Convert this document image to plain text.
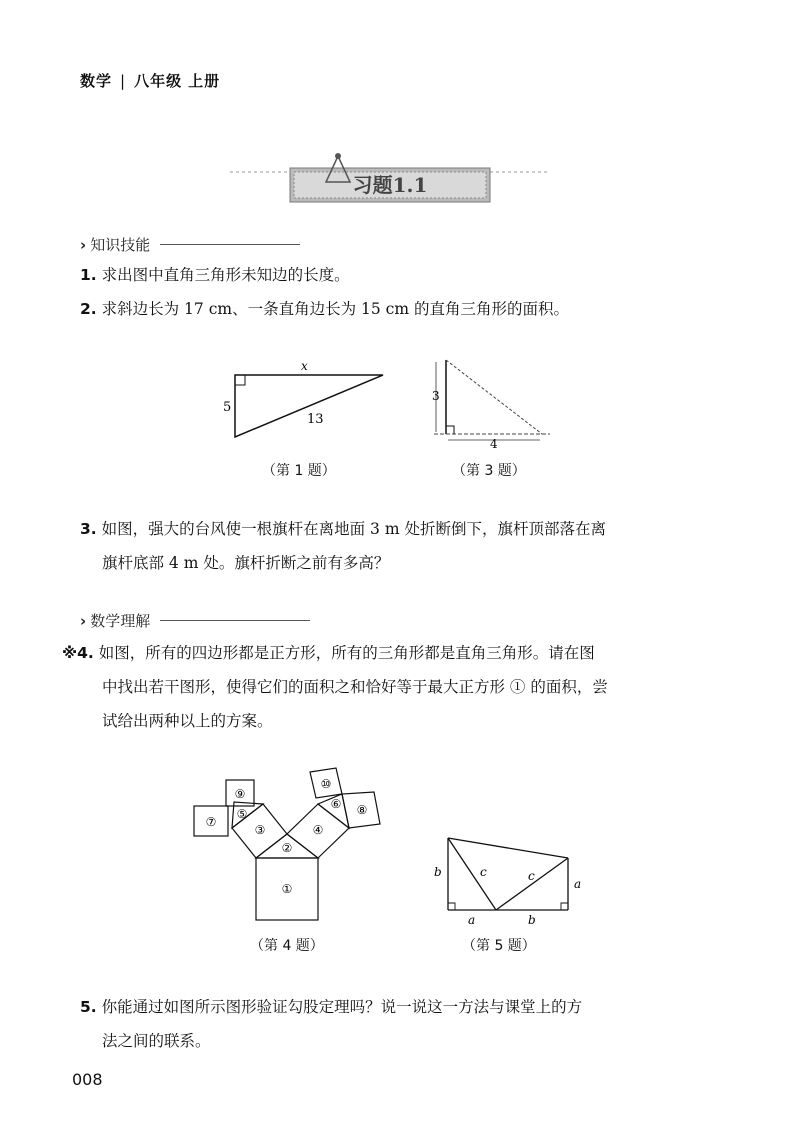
数学 | 八年级 上册
习题1.1
› 知识技能
1. 求出图中直角三角形未知边的长度。
2. 求斜边长为 17 cm、一条直角边长为 15 cm 的直角三角形的面积。
x
5
13
（第 1 题）
3
4
（第 3 题）
3. 如图，强大的台风使一根旗杆在离地面 3 m 处折断倒下，旗杆顶部落在离
旗杆底部 4 m 处。旗杆折断之前有多高？
› 数学理解
※4. 如图，所有的四边形都是正方形，所有的三角形都是直角三角形。请在图
中找出若干图形，使得它们的面积之和恰好等于最大正方形 ① 的面积，尝
试给出两种以上的方案。
①
②
③	④
⑤
⑥
⑦
⑧
⑨
⑩
（第 4 题）
b
a
c	c
a	b
（第 5 题）
5. 你能通过如图所示图形验证勾股定理吗？说一说这一方法与课堂上的方
法之间的联系。
008
